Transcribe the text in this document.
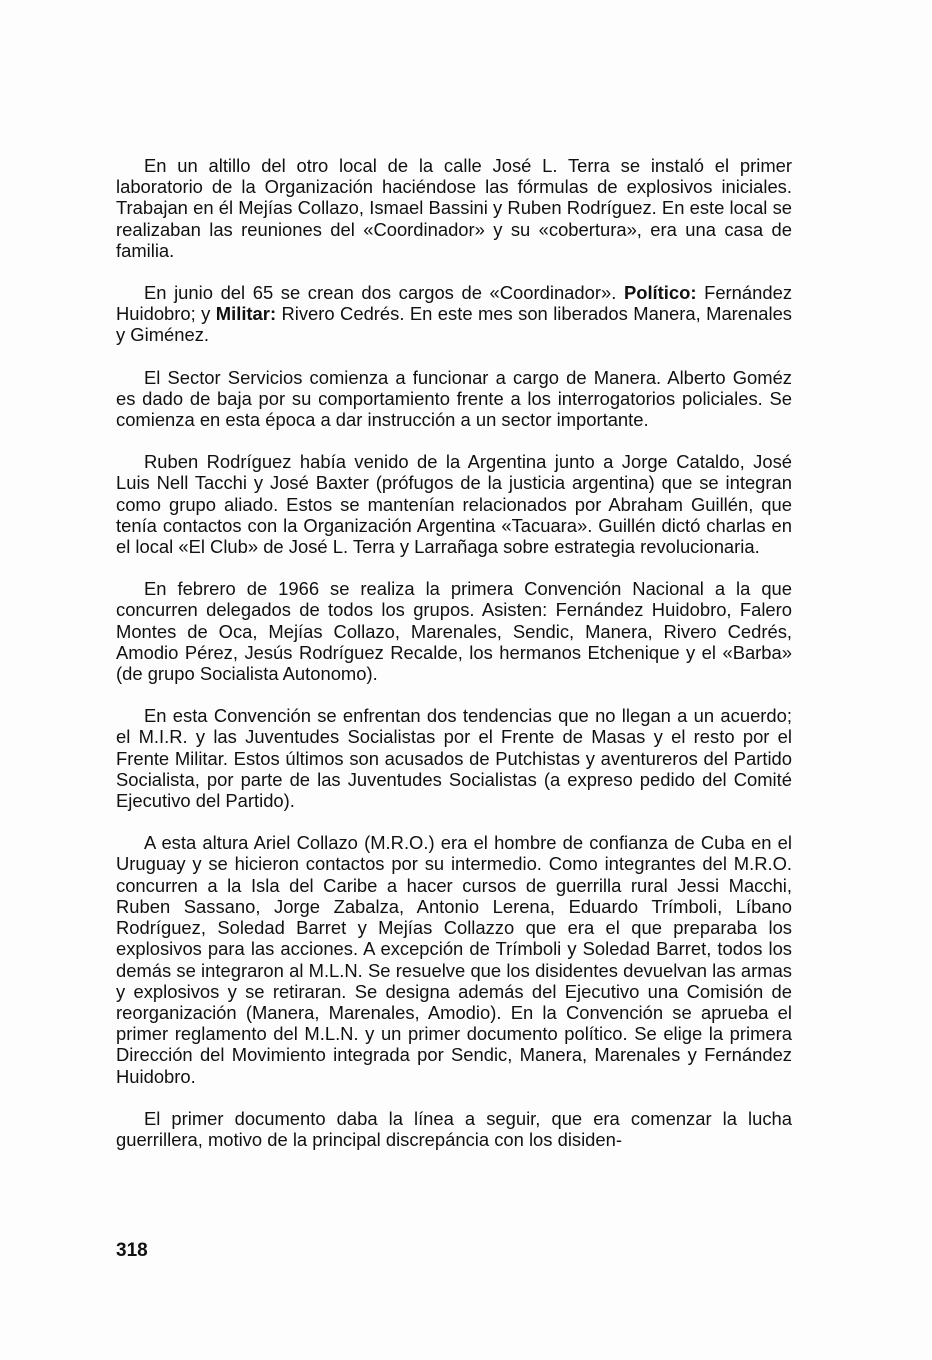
En un altillo del otro local de la calle José L. Terra se instaló el primer laboratorio de la Organización haciéndose las fórmulas de explosivos iniciales. Trabajan en él Mejías Collazo, Ismael Bassini y Ruben Rodríguez. En este local se realizaban las reuniones del «Coordinador» y su «cobertura», era una casa de familia.

En junio del 65 se crean dos cargos de «Coordinador». Político: Fernández Huidobro; y Militar: Rivero Cedrés. En este mes son liberados Manera, Marenales y Giménez.

El Sector Servicios comienza a funcionar a cargo de Manera. Alberto Goméz es dado de baja por su comportamiento frente a los interrogatorios policiales. Se comienza en esta época a dar instrucción a un sector importante.

Ruben Rodríguez había venido de la Argentina junto a Jorge Cataldo, José Luis Nell Tacchi y José Baxter (prófugos de la justicia argentina) que se integran como grupo aliado. Estos se mantenían relacionados por Abraham Guillén, que tenía contactos con la Organización Argentina «Tacuara». Guillén dictó charlas en el local «El Club» de José L. Terra y Larrañaga sobre estrategia revolucionaria.

En febrero de 1966 se realiza la primera Convención Nacional a la que concurren delegados de todos los grupos. Asisten: Fernández Huidobro, Falero Montes de Oca, Mejías Collazo, Marenales, Sendic, Manera, Rivero Cedrés, Amodio Pérez, Jesús Rodríguez Recalde, los hermanos Etchenique y el «Barba» (de grupo Socialista Autonomo).

En esta Convención se enfrentan dos tendencias que no llegan a un acuerdo; el M.I.R. y las Juventudes Socialistas por el Frente de Masas y el resto por el Frente Militar. Estos últimos son acusados de Putchistas y aventureros del Partido Socialista, por parte de las Juventudes Socialistas (a expreso pedido del Comité Ejecutivo del Partido).

A esta altura Ariel Collazo (M.R.O.) era el hombre de confianza de Cuba en el Uruguay y se hicieron contactos por su intermedio. Como integrantes del M.R.O. concurren a la Isla del Caribe a hacer cursos de guerrilla rural Jessi Macchi, Ruben Sassano, Jorge Zabalza, Antonio Lerena, Eduardo Trímboli, Líbano Rodríguez, Soledad Barret y Mejías Collazzo que era el que preparaba los explosivos para las acciones. A excepción de Trímboli y Soledad Barret, todos los demás se integraron al M.L.N. Se resuelve que los disidentes devuelvan las armas y explosivos y se retiraran. Se designa además del Ejecutivo una Comisión de reorganización (Manera, Marenales, Amodio). En la Convención se aprueba el primer reglamento del M.L.N. y un primer documento político. Se elige la primera Dirección del Movimiento integrada por Sendic, Manera, Marenales y Fernández Huidobro.

El primer documento daba la línea a seguir, que era comenzar la lucha guerrillera, motivo de la principal discrepáncia con los disiden-

318
